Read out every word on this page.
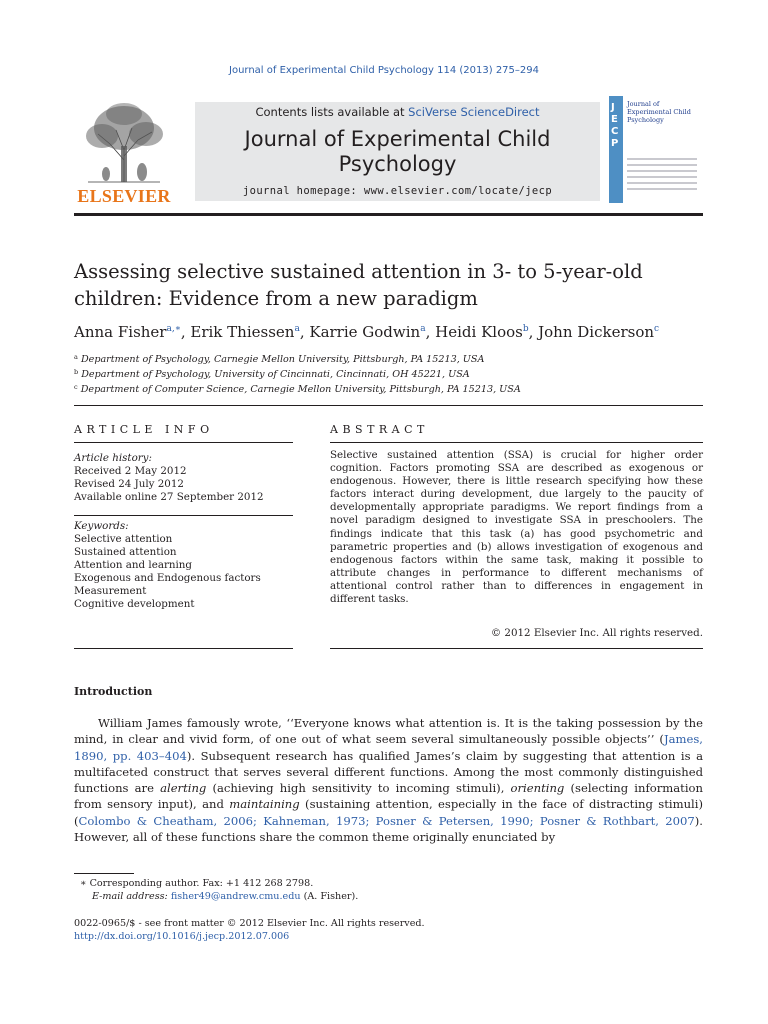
Journal of Experimental Child Psychology 114 (2013) 275–294
ELSEVIER
Contents lists available at SciVerse ScienceDirect
Journal of Experimental Child Psychology
journal homepage: www.elsevier.com/locate/jecp
J
E
C
P
Journal of Experimental Child Psychology
Assessing selective sustained attention in 3- to 5-year-old children: Evidence from a new paradigm
Anna Fisher$^{a,∗}$, Erik Thiessen$^a$, Karrie Godwin$^a$, Heidi Kloos$^b$, John Dickerson$^c$
$^a$ Department of Psychology, Carnegie Mellon University, Pittsburgh, PA 15213, USA
$^b$ Department of Psychology, University of Cincinnati, Cincinnati, OH 45221, USA
$^c$ Department of Computer Science, Carnegie Mellon University, Pittsburgh, PA 15213, USA
ARTICLE INFO	ABSTRACT
Article history:
Received 2 May 2012
Revised 24 July 2012
Available online 27 September 2012
Keywords:
Selective attention
Sustained attention
Attention and learning
Exogenous and Endogenous factors
Measurement
Cognitive development
Selective sustained attention (SSA) is crucial for higher order cognition. Factors promoting SSA are described as exogenous or endogenous. However, there is little research specifying how these factors interact during development, due largely to the paucity of developmentally appropriate paradigms. We report findings from a novel paradigm designed to investigate SSA in preschoolers. The findings indicate that this task (a) has good psychometric and parametric properties and (b) allows investigation of exogenous and endogenous factors within the same task, making it possible to attribute changes in performance to different mechanisms of attentional control rather than to differences in engagement in different tasks.
© 2012 Elsevier Inc. All rights reserved.
Introduction
William James famously wrote, ‘‘Everyone knows what attention is. It is the taking possession by the mind, in clear and vivid form, of one out of what seem several simultaneously possible objects’’ (James, 1890, pp. 403–404). Subsequent research has qualified James’s claim by suggesting that attention is a multifaceted construct that serves several different functions. Among the most commonly distinguished functions are alerting (achieving high sensitivity to incoming stimuli), orienting (selecting information from sensory input), and maintaining (sustaining attention, especially in the face of distracting stimuli) (Colombo & Cheatham, 2006; Kahneman, 1973; Posner & Petersen, 1990; Posner & Rothbart, 2007). However, all of these functions share the common theme originally enunciated by
∗ Corresponding author. Fax: +1 412 268 2798.
E-mail address: fisher49@andrew.cmu.edu (A. Fisher).
0022-0965/$ - see front matter © 2012 Elsevier Inc. All rights reserved.
http://dx.doi.org/10.1016/j.jecp.2012.07.006
